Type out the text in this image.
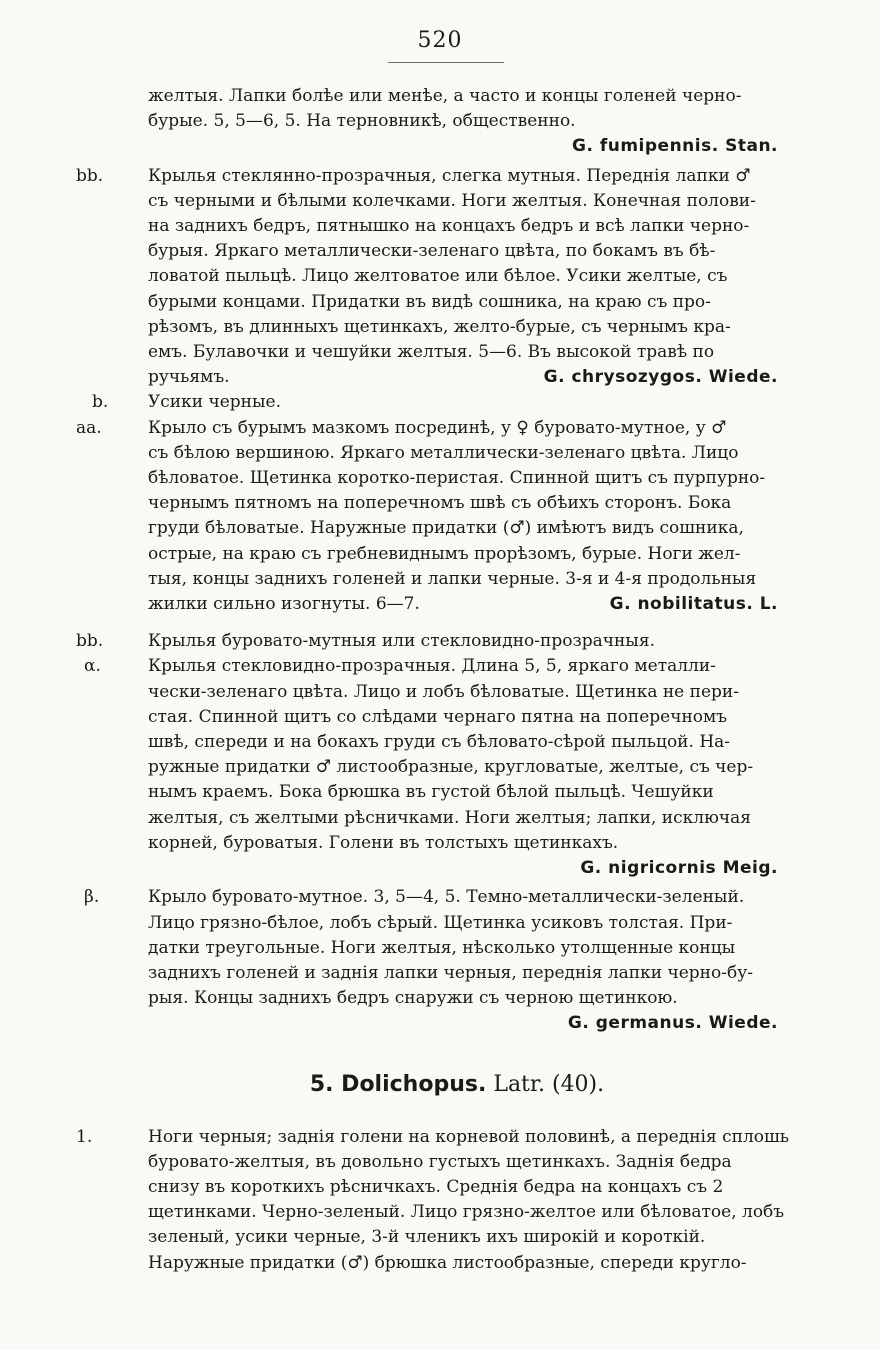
520
желтыя. Лапки болѣе или менѣе, а часто и концы голеней черно-
бурые. 5, 5—6, 5. На терновникѣ, общественно.
G. fumipennis. Stan.
bb.	Крылья стеклянно-прозрачныя, слегка мутныя. Переднія лапки ♂
съ черными и бѣлыми колечками. Ноги желтыя. Конечная полови-
на заднихъ бедръ, пятнышко на концахъ бедръ и всѣ лапки черно-
бурыя. Яркаго металлически-зеленаго цвѣта, по бокамъ въ бѣ-
ловатой пыльцѣ. Лицо желтоватое или бѣлое. Усики желтые, съ
бурыми концами. Придатки въ видѣ сошника, на краю съ про-
рѣзомъ, въ длинныхъ щетинкахъ, желто-бурые, съ чернымъ кра-
емъ. Булавочки и чешуйки желтыя. 5—6. Въ высокой травѣ по
ручьямъ.	G. chrysozygos. Wiede.
b.	Усики черные.
aa.	Крыло съ бурымъ мазкомъ посрединѣ, у ♀ буровато-мутное, у ♂
съ бѣлою вершиною. Яркаго металлически-зеленаго цвѣта. Лицо
бѣловатое. Щетинка коротко-перистая. Спинной щитъ съ пурпурно-
чернымъ пятномъ на поперечномъ швѣ съ обѣихъ сторонъ. Бока
груди бѣловатые. Наружные придатки (♂) имѣютъ видъ сошника,
острые, на краю съ гребневиднымъ прорѣзомъ, бурые. Ноги жел-
тыя, концы заднихъ голеней и лапки черные. 3-я и 4-я продольныя
жилки сильно изогнуты. 6—7.	G. nobilitatus. L.
bb.	Крылья буровато-мутныя или стекловидно-прозрачныя.
α.	Крылья стекловидно-прозрачныя. Длина 5, 5, яркаго металли-
чески-зеленаго цвѣта. Лицо и лобъ бѣловатые. Щетинка не пери-
стая. Спинной щитъ со слѣдами чернаго пятна на поперечномъ
швѣ, спереди и на бокахъ груди съ бѣловато-сѣрой пыльцой. На-
ружные придатки ♂ листообразные, кругловатые, желтые, съ чер-
нымъ краемъ. Бока брюшка въ густой бѣлой пыльцѣ. Чешуйки
желтыя, съ желтыми рѣсничками. Ноги желтыя; лапки, исключая
корней, буроватыя. Голени въ толстыхъ щетинкахъ.
G. nigricornis Meig.
β.	Крыло буровато-мутное. 3, 5—4, 5. Темно-металлически-зеленый.
Лицо грязно-бѣлое, лобъ сѣрый. Щетинка усиковъ толстая. При-
датки треугольные. Ноги желтыя, нѣсколько утолщенные концы
заднихъ голеней и заднія лапки черныя, переднія лапки черно-бу-
рыя. Концы заднихъ бедръ снаружи съ черною щетинкою.
G. germanus. Wiede.
5. Dolichopus. Latr. (40).
1.	Ноги черныя; заднія голени на корневой половинѣ, а переднія сплошь
буровато-желтыя, въ довольно густыхъ щетинкахъ. Заднія бедра
снизу въ короткихъ рѣсничкахъ. Среднія бедра на концахъ съ 2
щетинками. Черно-зеленый. Лицо грязно-желтое или бѣловатое, лобъ
зеленый, усики черные, 3-й членикъ ихъ широкій и короткій.
Наружные придатки (♂) брюшка листообразные, спереди кругло-
